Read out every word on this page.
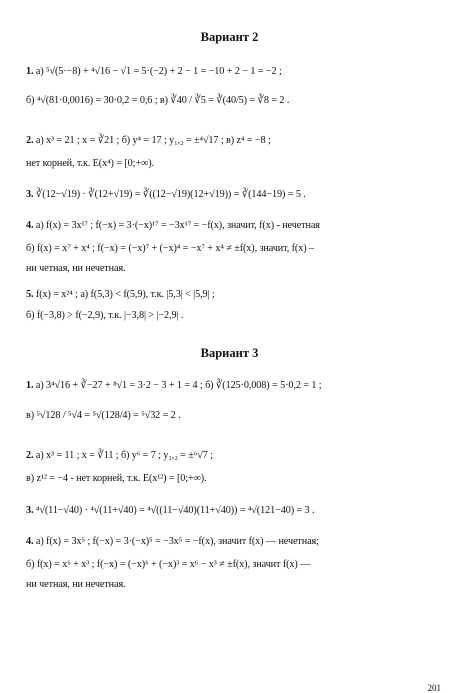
Вариант 2
1. а) ⁵√(5·−8) + ⁴√16 − √1 = 5·(−2) + 2 − 1 = −10 + 2 − 1 = −2 ;
б) ⁴√(81·0,0016) = 30·0,2 = 0,6 ; в) ∛40 / ∛5 = ∛(40/5) = ∛8 = 2 .
2. а) x³ = 21 ; x = ∛21 ; б) y⁴ = 17 ; y₁,₂ = ±⁴√17 ; в) z⁴ = −8 ;
нет корней, т.к. E(x⁴) = [0;+∞).
3. ∛(12−√19) · ∛(12+√19) = ∛((12−√19)(12+√19)) = ∛(144−19) = 5 .
4. а) f(x) = 3x¹⁷ ; f(−x) = 3·(−x)¹⁷ = −3x¹⁷ = −f(x), значит, f(x) - нечетная
б) f(x) = x⁷ + x⁴ ; f(−x) = (−x)⁷ + (−x)⁴ = −x⁷ + x⁴ ≠ ±f(x), значит, f(x) –
ни четная, ни нечетная.
5. f(x) = x²⁴ ; а) f(5,3) < f(5,9), т.к. |5,3| < |5,9| ;
б) f(−3,8) > f(−2,9), т.к. |−3,8| > |−2,9| .
Вариант 3
1. а) 3⁴√16 + ∛−27 + ⁸√1 = 3·2 − 3 + 1 = 4 ; б) ∛(125·0,008) = 5·0,2 = 1 ;
в) ⁵√128 / ⁵√4 = ⁵√(128/4) = ⁵√32 = 2 .
2. а) x³ = 11 ; x = ∛11 ; б) y⁶ = 7 ; y₁,₂ = ±⁶√7 ;
в) z¹² = −4 - нет корней, т.к. E(x¹²) = [0;+∞).
3. ⁴√(11−√40) · ⁴√(11+√40) = ⁴√((11−√40)(11+√40)) = ⁴√(121−40) = 3 .
4. а) f(x) = 3x⁵ ; f(−x) = 3·(−x)⁵ = −3x⁵ = −f(x), значит f(x) — нечетная;
б) f(x) = x⁶ + x³ ; f(−x) = (−x)⁶ + (−x)³ = x⁶ − x³ ≠ ±f(x), значит f(x) —
ни четная, ни нечетная.
201
